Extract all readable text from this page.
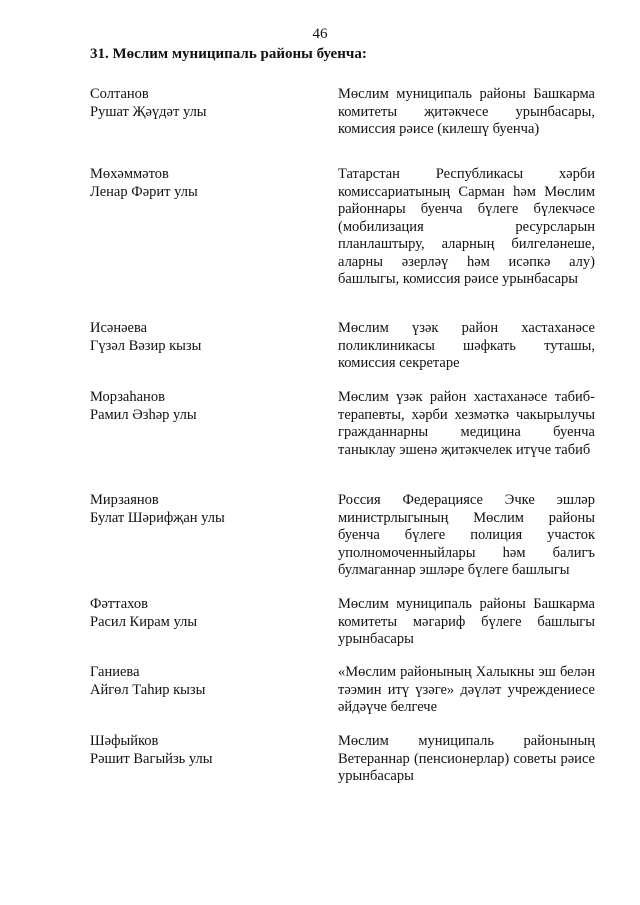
46
31. Мөслим муниципаль районы буенча:
Солтанов
Рушат Җәүдәт улы
Мөслим муниципаль районы Башкарма комитеты җитәкчесе урынбасары, комиссия рәисе (килешү буенча)
Мөхәммәтов
Ленар Фәрит улы
Татарстан Республикасы хәрби комиссариатының Сарман һәм Мөслим районнары буенча бүлеге бүлекчәсе (мобилизация ресурсларын планлаштыру, аларның билгеләнеше, аларны әзерләү һәм исәпкә алу) башлыгы, комиссия рәисе урынбасары
Исәнәева
Гүзәл Вәзир кызы
Мөслим үзәк район хастаханәсе поликлиникасы шәфкать туташы, комиссия секретаре
Морзаһанов
Рамил Әзһәр улы
Мөслим үзәк район хастаханәсе табиб-терапевты, хәрби хезмәткә чакырылучы гражданнарны медицина буенча таныклау эшенә җитәкчелек итүче табиб
Мирзаянов
Булат Шәрифҗан улы
Россия Федерациясе Эчке эшләр министрлыгының Мөслим районы буенча бүлеге полиция участок уполномоченныйлары һәм балигъ булмаганнар эшләре бүлеге башлыгы
Фәттахов
Расил Кирам улы
Мөслим муниципаль районы Башкарма комитеты мәгариф бүлеге башлыгы урынбасары
Ганиева
Айгөл Таһир кызы
«Мөслим районының Халыкны эш белән тәэмин итү үзәге» дәүләт учреждениесе әйдәүче белгече
Шәфыйков
Рәшит Вагыйзь улы
Мөслим муниципаль районының Ветераннар (пенсионерлар) советы рәисе урынбасары
